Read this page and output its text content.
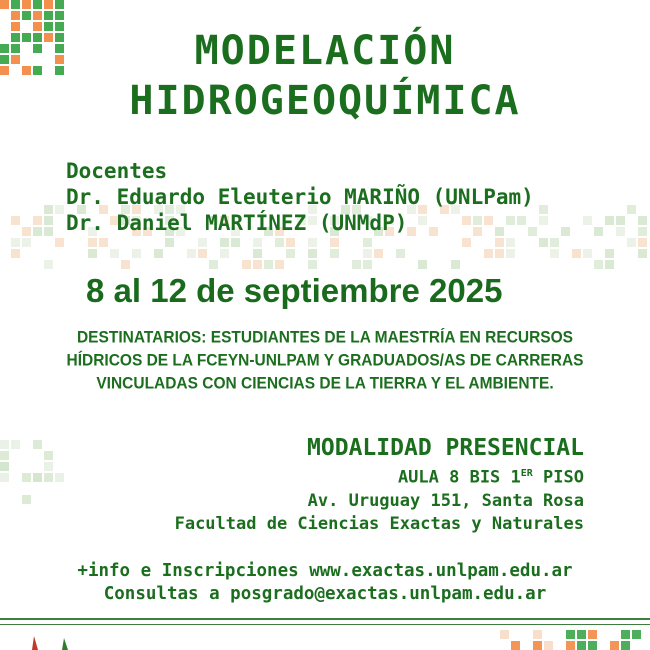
MODELACIÓN
HIDROGEOQUÍMICA
Docentes
Dr. Eduardo Eleuterio MARIÑO (UNLPam)
Dr. Daniel MARTÍNEZ (UNMdP)
8 al 12 de septiembre 2025
DESTINATARIOS: ESTUDIANTES DE LA MAESTRÍA EN RECURSOS
HÍDRICOS DE LA FCEYN-UNLPAM Y GRADUADOS/AS DE CARRERAS
VINCULADAS CON CIENCIAS DE LA TIERRA Y EL AMBIENTE.
MODALIDAD PRESENCIAL
AULA 8 BIS 1ER PISO
Av. Uruguay 151, Santa Rosa
Facultad de Ciencias Exactas y Naturales
+info e Inscripciones www.exactas.unlpam.edu.ar
Consultas a posgrado@exactas.unlpam.edu.ar
